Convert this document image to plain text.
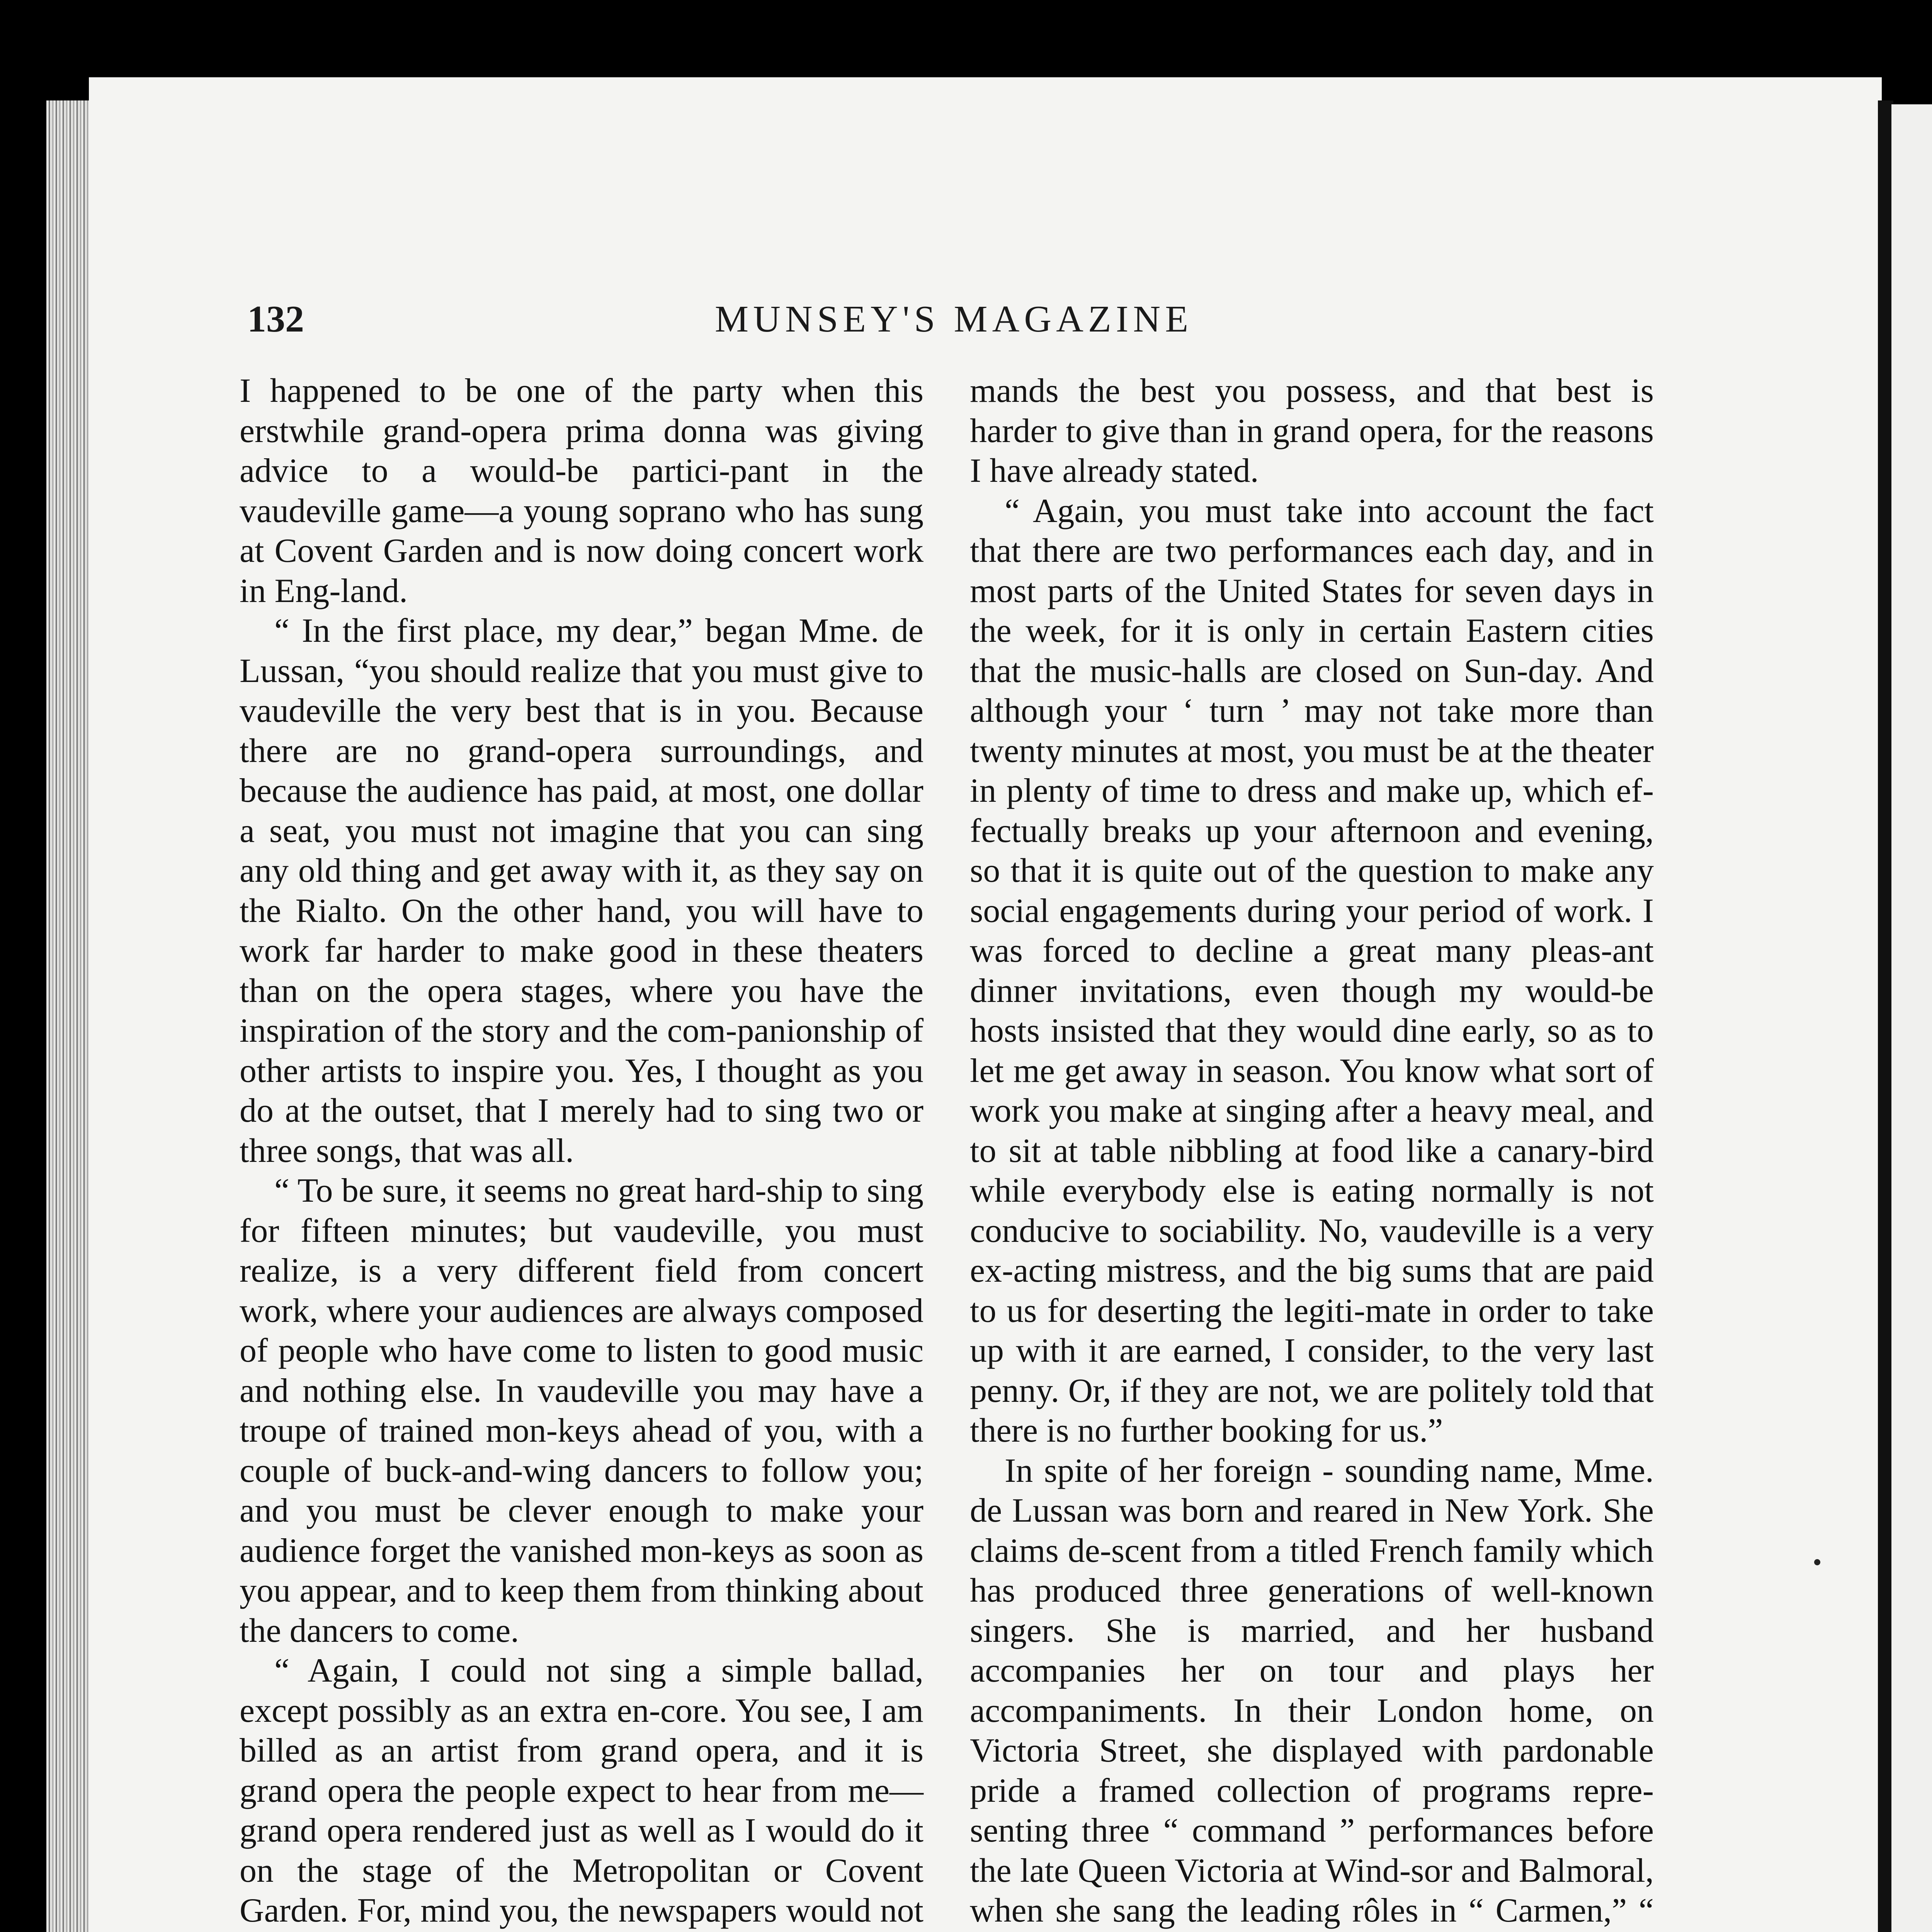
132	MUNSEY'S MAGAZINE

I happened to be one of the party when this erstwhile grand-opera prima donna was giving advice to a would-be partici-pant in the vaudeville game—a young soprano who has sung at Covent Garden and is now doing concert work in Eng-land.

“ In the first place, my dear,” began Mme. de Lussan, “you should realize that you must give to vaudeville the very best that is in you. Because there are no grand-opera surroundings, and because the audience has paid, at most, one dollar a seat, you must not imagine that you can sing any old thing and get away with it, as they say on the Rialto. On the other hand, you will have to work far harder to make good in these theaters than on the opera stages, where you have the inspiration of the story and the com-panionship of other artists to inspire you. Yes, I thought as you do at the outset, that I merely had to sing two or three songs, that was all.

“ To be sure, it seems no great hard-ship to sing for fifteen minutes; but vaudeville, you must realize, is a very different field from concert work, where your audiences are always composed of people who have come to listen to good music and nothing else. In vaudeville you may have a troupe of trained mon-keys ahead of you, with a couple of buck-and-wing dancers to follow you; and you must be clever enough to make your audience forget the vanished mon-keys as soon as you appear, and to keep them from thinking about the dancers to come.

“ Again, I could not sing a simple ballad, except possibly as an extra en-core. You see, I am billed as an artist from grand opera, and it is grand opera the people expect to hear from me—grand opera rendered just as well as I would do it on the stage of the Metropolitan or Covent Garden. For, mind you, the newspapers would not

mands the best you possess, and that best is harder to give than in grand opera, for the reasons I have already stated.

“ Again, you must take into account the fact that there are two performances each day, and in most parts of the United States for seven days in the week, for it is only in certain Eastern cities that the music-halls are closed on Sun-day. And although your ‘ turn ’ may not take more than twenty minutes at most, you must be at the theater in plenty of time to dress and make up, which ef-fectually breaks up your afternoon and evening, so that it is quite out of the question to make any social engagements during your period of work. I was forced to decline a great many pleas-ant dinner invitations, even though my would-be hosts insisted that they would dine early, so as to let me get away in season. You know what sort of work you make at singing after a heavy meal, and to sit at table nibbling at food like a canary-bird while everybody else is eating normally is not conducive to sociability. No, vaudeville is a very ex-acting mistress, and the big sums that are paid to us for deserting the legiti-mate in order to take up with it are earned, I consider, to the very last penny. Or, if they are not, we are politely told that there is no further booking for us.”

In spite of her foreign - sounding name, Mme. de Lussan was born and reared in New York. She claims de-scent from a titled French family which has produced three generations of well-known singers. She is married, and her husband accompanies her on tour and plays her accompaniments. In their London home, on Victoria Street, she displayed with pardonable pride a framed collection of programs repre-senting three “ command ” performances before the late Queen Victoria at Wind-sor and Balmoral, when she sang the leading rôles in “ Carmen,” “
